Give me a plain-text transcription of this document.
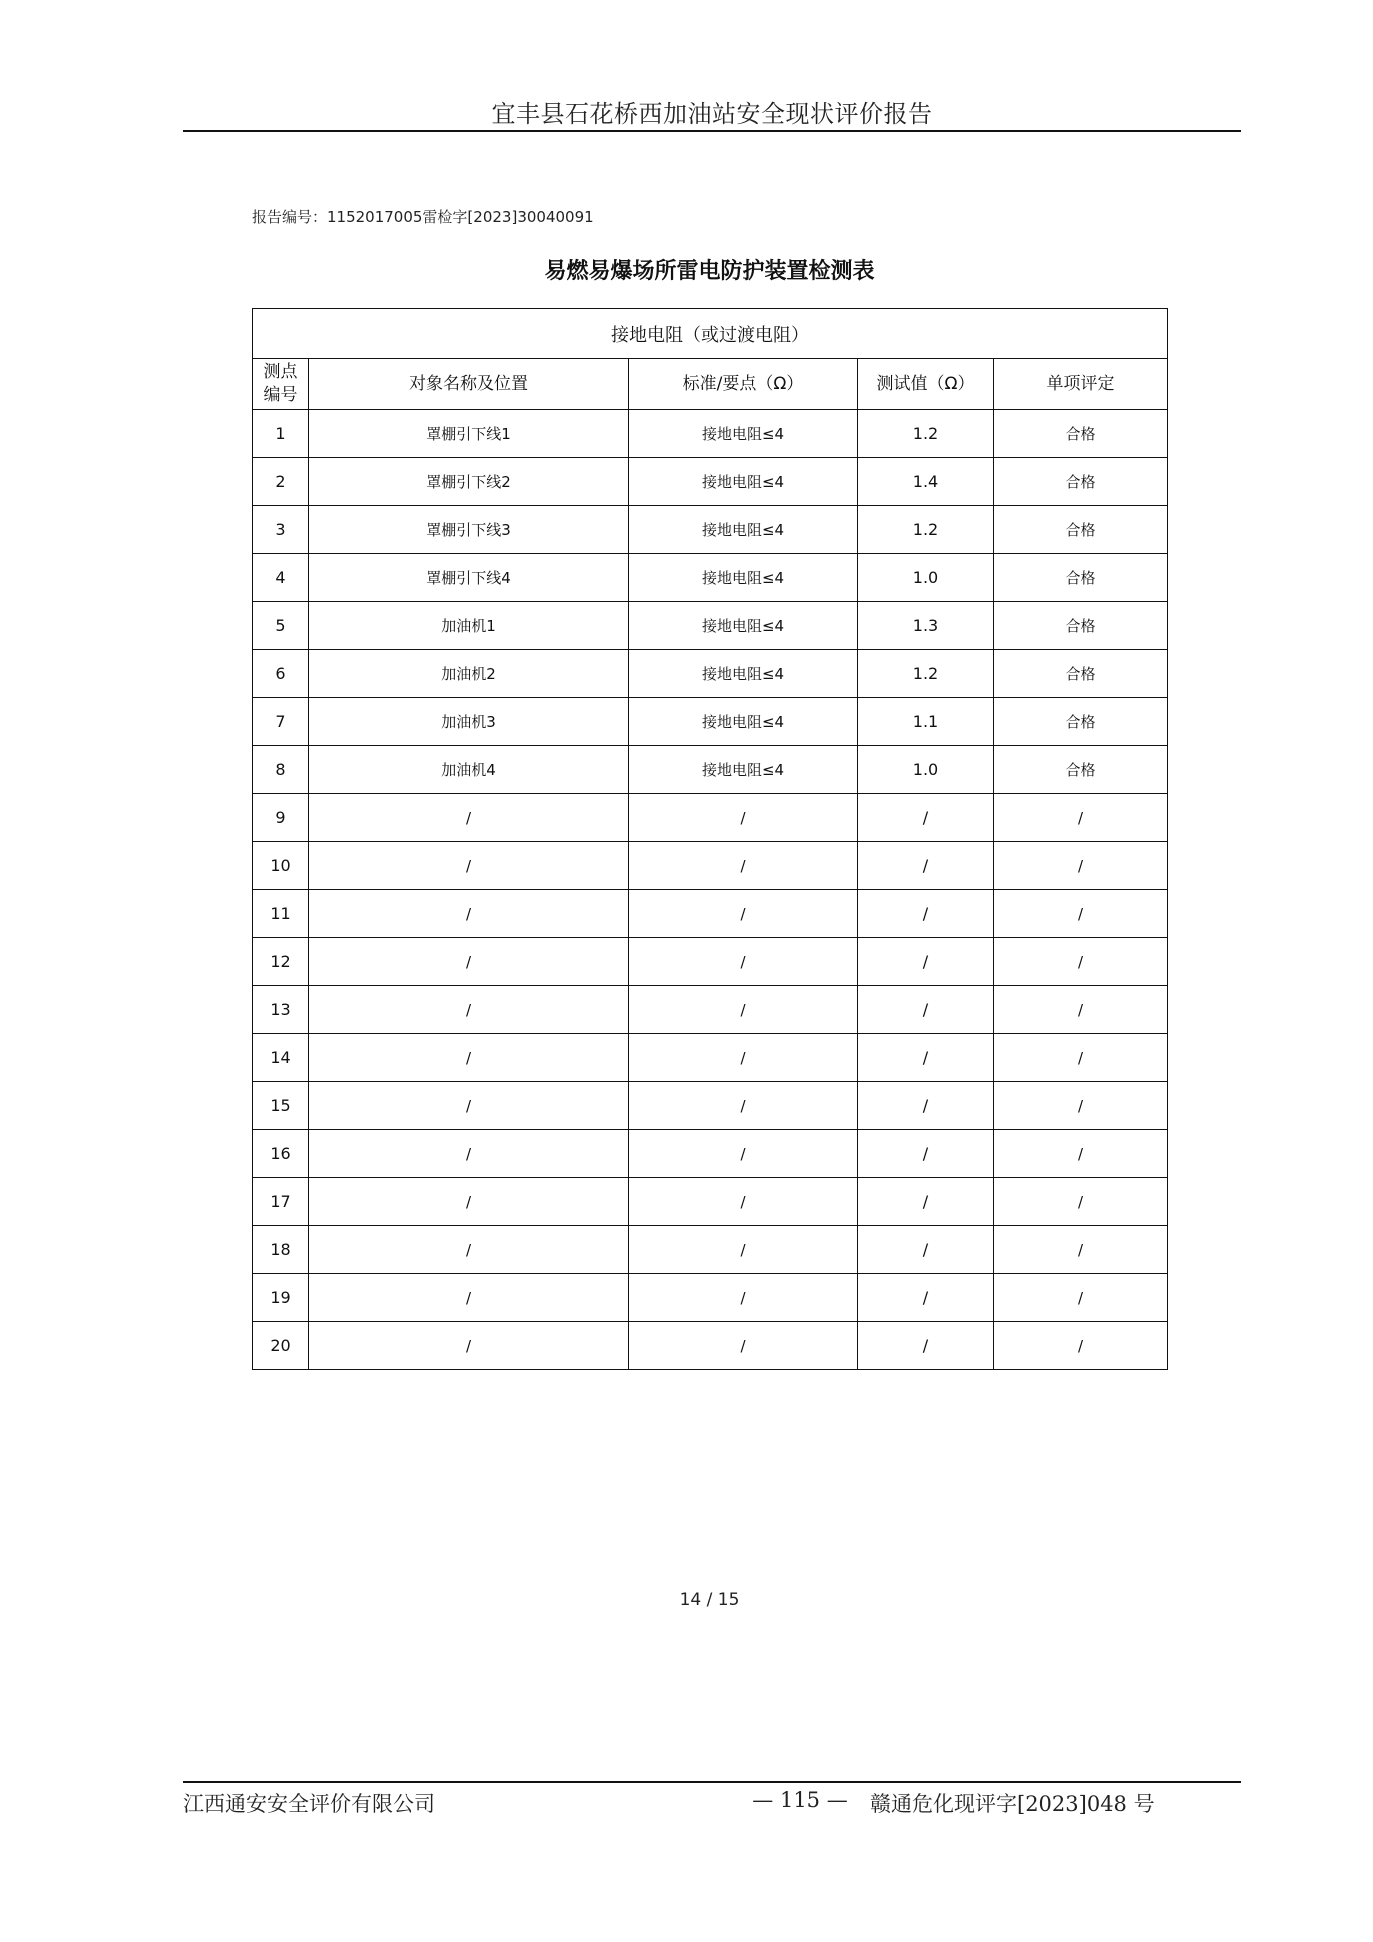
宜丰县石花桥西加油站安全现状评价报告
报告编号：1152017005雷检字[2023]30040091
易燃易爆场所雷电防护装置检测表
接地电阻（或过渡电阻）				
测点
编号	对象名称及位置	标准/要点（Ω）	测试值（Ω）	单项评定
1	罩棚引下线1	接地电阻≤4	1.2	合格
2	罩棚引下线2	接地电阻≤4	1.4	合格
3	罩棚引下线3	接地电阻≤4	1.2	合格
4	罩棚引下线4	接地电阻≤4	1.0	合格
5	加油机1	接地电阻≤4	1.3	合格
6	加油机2	接地电阻≤4	1.2	合格
7	加油机3	接地电阻≤4	1.1	合格
8	加油机4	接地电阻≤4	1.0	合格
9	/	/	/	/
10	/	/	/	/
11	/	/	/	/
12	/	/	/	/
13	/	/	/	/
14	/	/	/	/
15	/	/	/	/
16	/	/	/	/
17	/	/	/	/
18	/	/	/	/
19	/	/	/	/
20	/	/	/	/
14 / 15
江西通安安全评价有限公司	— 115 —	赣通危化现评字[2023]048 号
